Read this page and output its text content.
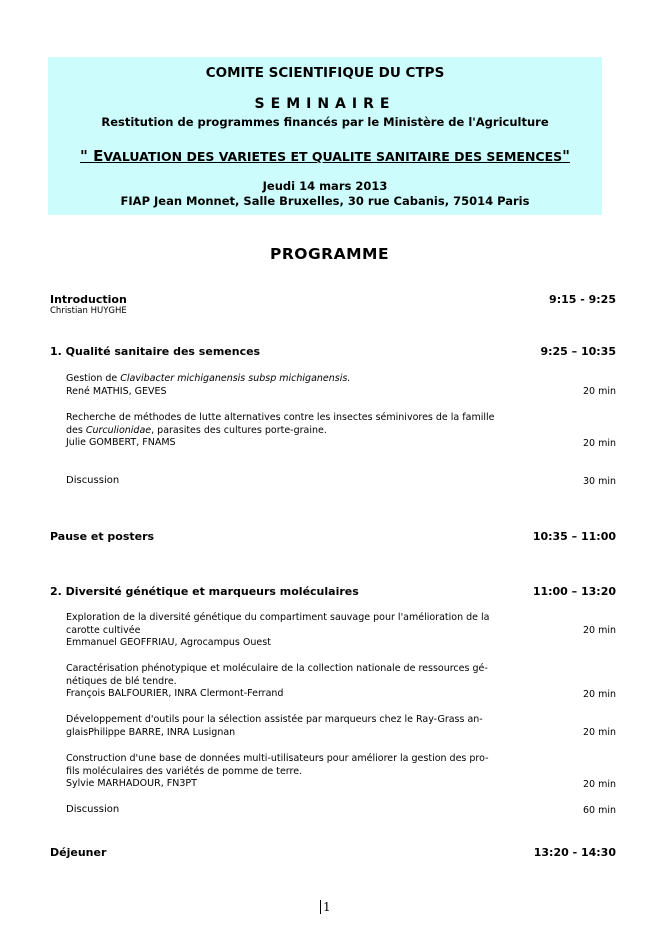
COMITE SCIENTIFIQUE DU CTPS
SEMINAIRE
Restitution de programmes financés par le Ministère de l'Agriculture
" EVALUATION DES VARIETES ET QUALITE SANITAIRE DES SEMENCES"
Jeudi 14 mars 2013
FIAP Jean Monnet, Salle Bruxelles, 30 rue Cabanis, 75014 Paris
PROGRAMME
Introduction	9:15 - 9:25
Christian HUYGHE
1. Qualité sanitaire des semences	9:25 – 10:35
Gestion de Clavibacter michiganensis subsp michiganensis.
René MATHIS, GEVES	20 min
Recherche de méthodes de lutte alternatives contre les insectes séminivores de la famille
des Curculionidae, parasites des cultures porte-graine.
Julie GOMBERT, FNAMS	20 min
Discussion	30 min
Pause et posters	10:35 – 11:00
2. Diversité génétique et marqueurs moléculaires	11:00 – 13:20
Exploration de la diversité génétique du compartiment sauvage pour l'amélioration de la
carotte cultivée
Emmanuel GEOFFRIAU, Agrocampus Ouest
20 min
Caractérisation phénotypique et moléculaire de la collection nationale de ressources gé-
nétiques de blé tendre.
François BALFOURIER, INRA Clermont-Ferrand	20 min
Développement d'outils pour la sélection assistée par marqueurs chez le Ray-Grass an-
glaisPhilippe BARRE, INRA Lusignan	20 min
Construction d'une base de données multi-utilisateurs pour améliorer la gestion des pro-
fils moléculaires des variétés de pomme de terre.
Sylvie MARHADOUR, FN3PT	20 min
Discussion	60 min
Déjeuner	13:20 - 14:30
1
